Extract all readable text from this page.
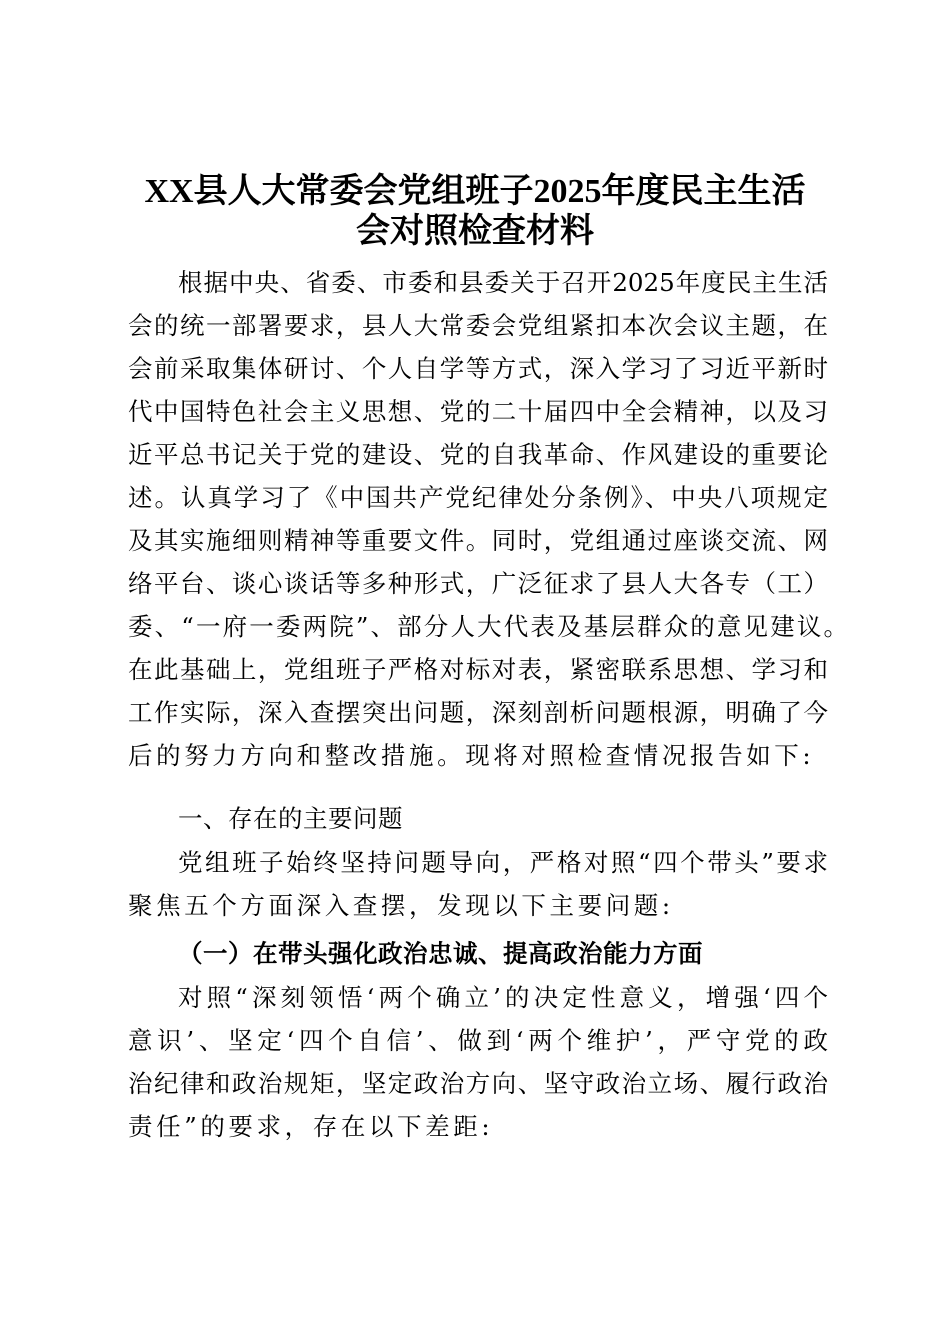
XX县人大常委会党组班子2025年度民主生活
会对照检查材料
根据中央、省委、市委和县委关于召开2025年度民主生活
会的统一部署要求，县人大常委会党组紧扣本次会议主题，在
会前采取集体研讨、个人自学等方式，深入学习了习近平新时
代中国特色社会主义思想、党的二十届四中全会精神，以及习
近平总书记关于党的建设、党的自我革命、作风建设的重要论
述。认真学习了《中国共产党纪律处分条例》、中央八项规定
及其实施细则精神等重要文件。同时，党组通过座谈交流、网
络平台、谈心谈话等多种形式，广泛征求了县人大各专（工）
委、“一府一委两院”、部分人大代表及基层群众的意见建议。
在此基础上，党组班子严格对标对表，紧密联系思想、学习和
工作实际，深入查摆突出问题，深刻剖析问题根源，明确了今
后的努力方向和整改措施。现将对照检查情况报告如下:
一、存在的主要问题
党组班子始终坚持问题导向，严格对照“四个带头”要求
聚焦五个方面深入查摆，发现以下主要问题:
（一）在带头强化政治忠诚、提高政治能力方面
对照“深刻领悟‘两个确立’的决定性意义，增强‘四个
意识’、坚定‘四个自信’、做到‘两个维护’，严守党的政
治纪律和政治规矩，坚定政治方向、坚守政治立场、履行政治
责任”的要求，存在以下差距:
